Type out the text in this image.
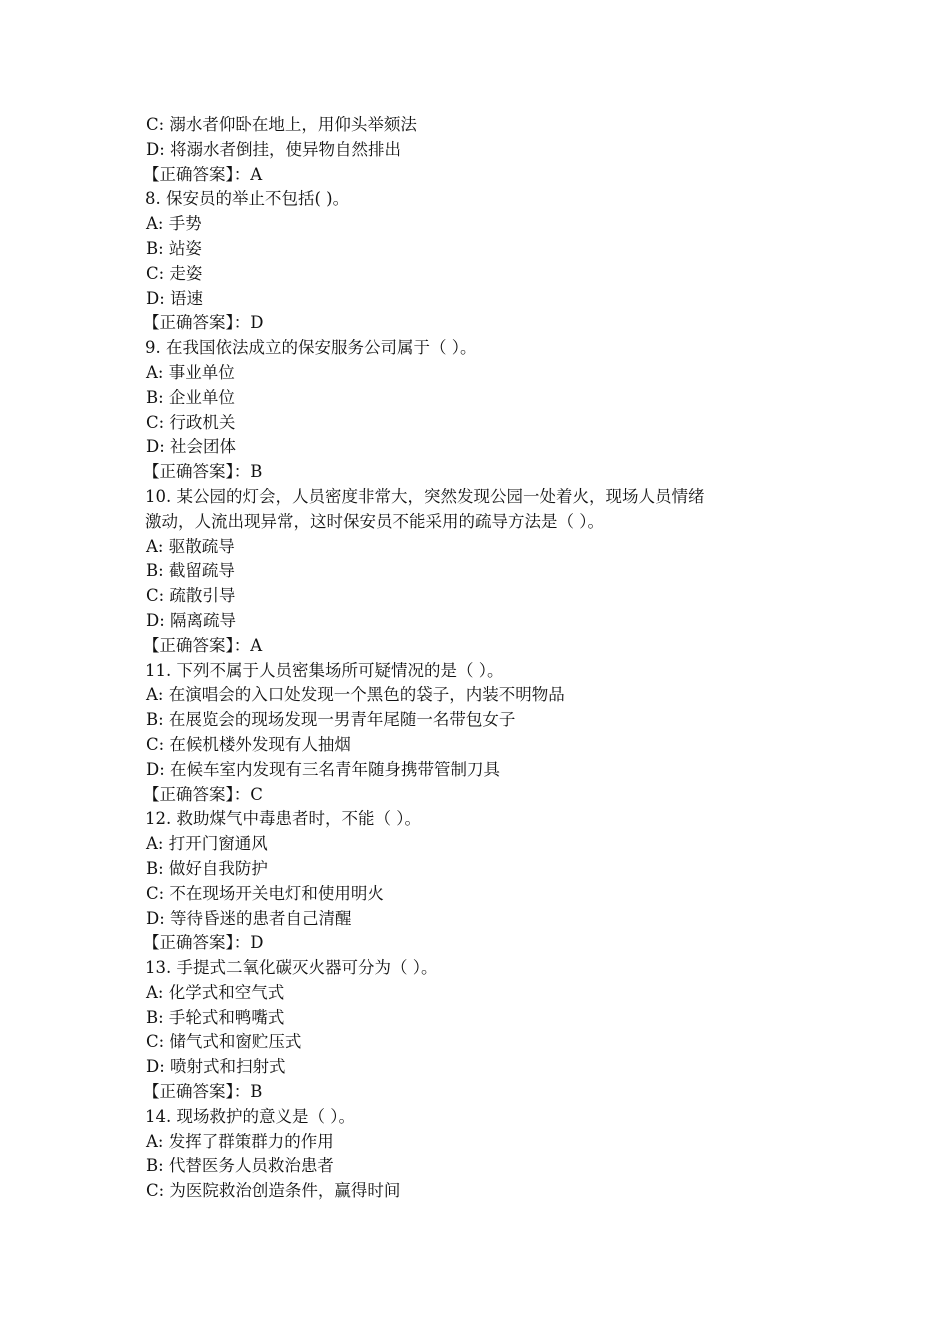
C: 溺水者仰卧在地上，用仰头举颏法
D: 将溺水者倒挂，使异物自然排出
【正确答案】：A
8. 保安员的举止不包括( )。
A: 手势
B: 站姿
C: 走姿
D: 语速
【正确答案】：D
9. 在我国依法成立的保安服务公司属于（ ）。
A: 事业单位
B: 企业单位
C: 行政机关
D: 社会团体
【正确答案】：B
10. 某公园的灯会，人员密度非常大，突然发现公园一处着火，现场人员情绪
激动，人流出现异常，这时保安员不能采用的疏导方法是（ ）。
A: 驱散疏导
B: 截留疏导
C: 疏散引导
D: 隔离疏导
【正确答案】：A
11. 下列不属于人员密集场所可疑情况的是（ ）。
A: 在演唱会的入口处发现一个黑色的袋子，内装不明物品
B: 在展览会的现场发现一男青年尾随一名带包女子
C: 在候机楼外发现有人抽烟
D: 在候车室内发现有三名青年随身携带管制刀具
【正确答案】：C
12. 救助煤气中毒患者时，不能（ ）。
A: 打开门窗通风
B: 做好自我防护
C: 不在现场开关电灯和使用明火
D: 等待昏迷的患者自己清醒
【正确答案】：D
13. 手提式二氧化碳灭火器可分为（ ）。
A: 化学式和空气式
B: 手轮式和鸭嘴式
C: 储气式和窗贮压式
D: 喷射式和扫射式
【正确答案】：B
14. 现场救护的意义是（ ）。
A: 发挥了群策群力的作用
B: 代替医务人员救治患者
C: 为医院救治创造条件，赢得时间
